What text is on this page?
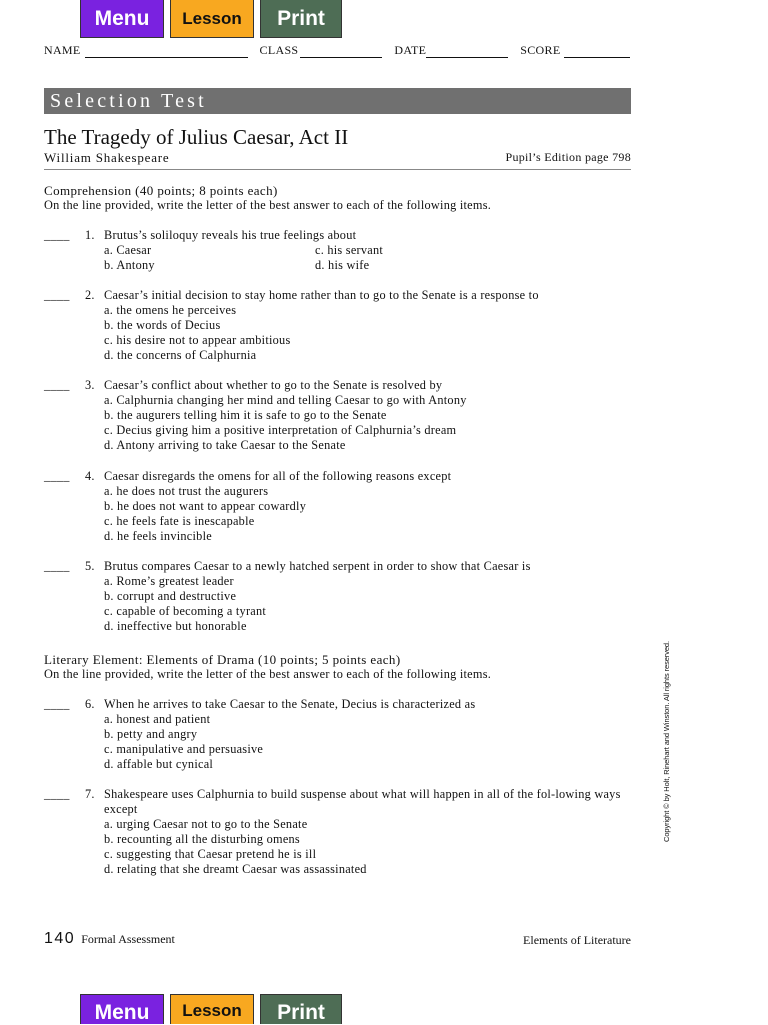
Menu	Lesson	Print
NAME	CLASS	DATE	SCORE
Selection Test
The Tragedy of Julius Caesar, Act II
William Shakespeare	Pupil’s Edition page 798
Comprehension (40 points; 8 points each)
On the line provided, write the letter of the best answer to each of the following items.
____ 1. Brutus’s soliloquy reveals his true feelings about
a. Caesar	c. his servant
b. Antony	d. his wife
____ 2. Caesar’s initial decision to stay home rather than to go to the Senate is a response to
a. the omens he perceives
b. the words of Decius
c. his desire not to appear ambitious
d. the concerns of Calphurnia
____ 3. Caesar’s conflict about whether to go to the Senate is resolved by
a. Calphurnia changing her mind and telling Caesar to go with Antony
b. the augurers telling him it is safe to go to the Senate
c. Decius giving him a positive interpretation of Calphurnia’s dream
d. Antony arriving to take Caesar to the Senate
____ 4. Caesar disregards the omens for all of the following reasons except
a. he does not trust the augurers
b. he does not want to appear cowardly
c. he feels fate is inescapable
d. he feels invincible
____ 5. Brutus compares Caesar to a newly hatched serpent in order to show that Caesar is
a. Rome’s greatest leader
b. corrupt and destructive
c. capable of becoming a tyrant
d. ineffective but honorable
Literary Element: Elements of Drama (10 points; 5 points each)
On the line provided, write the letter of the best answer to each of the following items.
____ 6. When he arrives to take Caesar to the Senate, Decius is characterized as
a. honest and patient
b. petty and angry
c. manipulative and persuasive
d. affable but cynical
____ 7. Shakespeare uses Calphurnia to build suspense about what will happen in all of the fol-lowing ways except
a. urging Caesar not to go to the Senate
b. recounting all the disturbing omens
c. suggesting that Caesar pretend he is ill
d. relating that she dreamt Caesar was assassinated
Copyright © by Holt, Rinehart and Winston. All rights reserved.
140 Formal Assessment	Elements of Literature
Menu	Lesson	Print
